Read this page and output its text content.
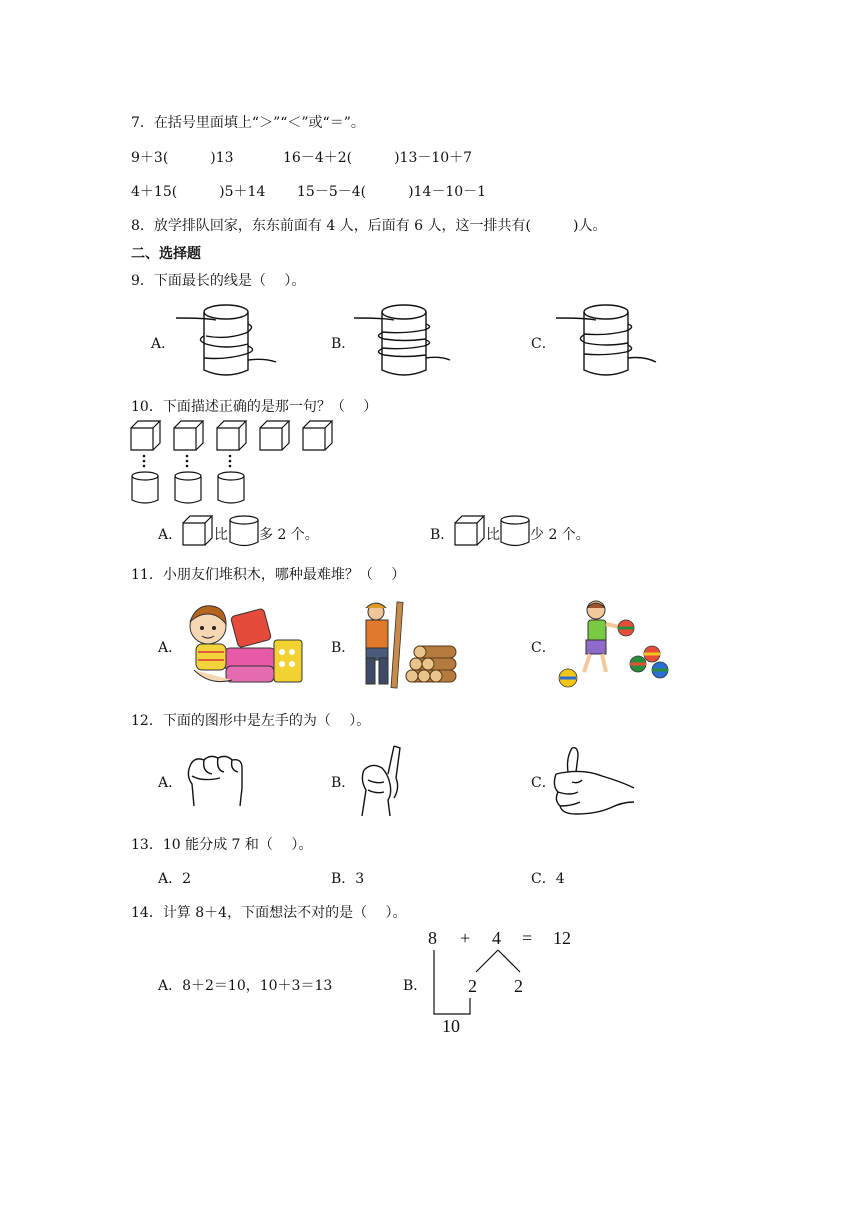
7．在括号里面填上“＞”“＜”或“＝”。
9＋3(　　　)13	16－4＋2(　　　)13－10＋7
4＋15(　　　)5＋14 15－5－4(　　　)14－10－1
8．放学排队回家，东东前面有 4 人，后面有 6 人，这一排共有(　　　)人。
二、选择题
9．下面最长的线是（　 ）。
A．	B．	C．
10．下面描述正确的是那一句？（　 ）
A． 比 多 2 个。	B． 比 少 2 个。
11．小朋友们堆积木，哪种最难堆？（　 ）
A．	B．	C．
12．下面的图形中是左手的为（　 ）。
A．	B．	C．
13．10 能分成 7 和（　 ）。
A．2	B．3	C．4
14．计算 8＋4，下面想法不对的是（　 ）。
A．8＋2＝10，10＋3＝13	B．
8 + 4 = 12
2 2
10
